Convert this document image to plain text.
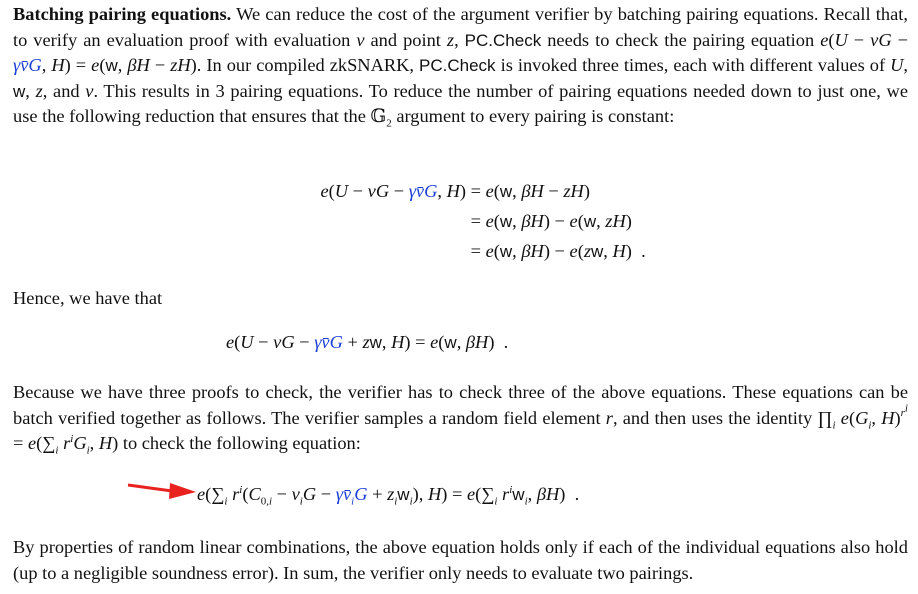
Batching pairing equations. We can reduce the cost of the argument verifier by batching pairing equations. Recall that, to verify an evaluation proof with evaluation v and point z, PC.Check needs to check the pairing equation e(U − vG − γv̄G, H) = e(w, βH − zH). In our compiled zkSNARK, PC.Check is invoked three times, each with different values of U, w, z, and v. This results in 3 pairing equations. To reduce the number of pairing equations needed down to just one, we use the following reduction that ensures that the 𝔾$_2$ argument to every pairing is constant:
e(U − vG − γv̄G, H) = e(w, βH − zH)
= e(w, βH) − e(w, zH)
= e(w, βH) − e(zw, H)  .
Hence, we have that
e(U − vG − γv̄G + zw, H) = e(w, βH)  .
Because we have three proofs to check, the verifier has to check three of the above equations. These equations can be batch verified together as follows. The verifier samples a random field element r, and then uses the identity $\prod_i$ $e(G_i$, $H)^{r^i} = e(\sum_i$ $r^iG_i$, H) to check the following equation:
$e(\sum_i$ $r^i(C_{0,i} - v_iG$ − $\gamma v̄_iG + z_iw_i$), $H) = e(\sum_i$ $r^iw_i$, βH)  .
By properties of random linear combinations, the above equation holds only if each of the individual equations also hold (up to a negligible soundness error). In sum, the verifier only needs to evaluate two pairings.
